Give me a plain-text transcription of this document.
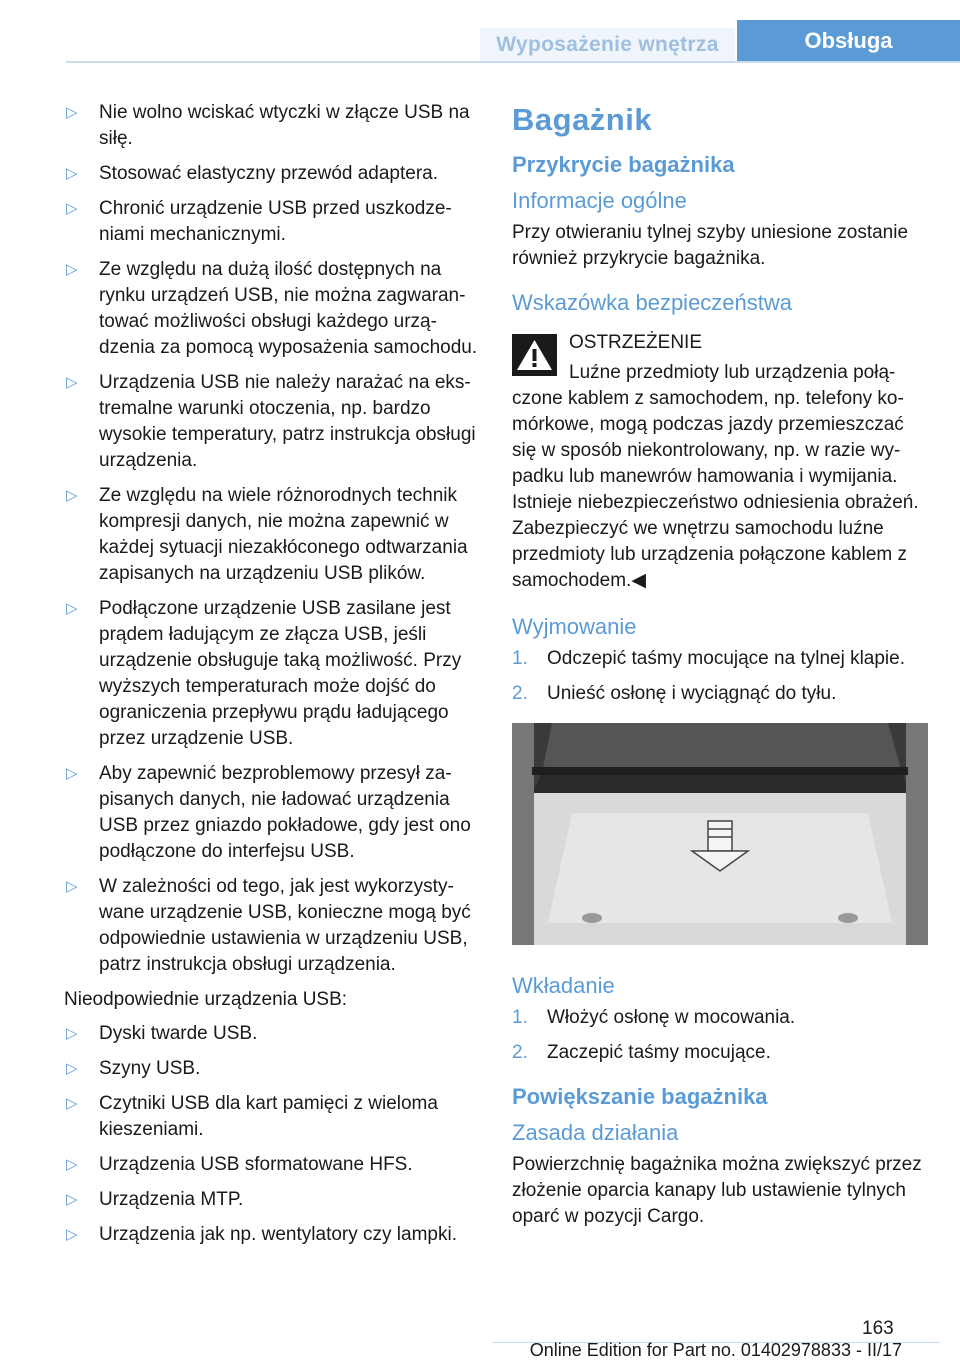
Wyposażenie wnętrza	Obsługa
▷ Nie wolno wciskać wtyczki w złącze USB na siłę.
▷ Stosować elastyczny przewód adaptera.
▷ Chronić urządzenie USB przed uszkodzeniami mechanicznymi.
▷ Ze względu na dużą ilość dostępnych na rynku urządzeń USB, nie można zagwarantować możliwości obsługi każdego urządzenia za pomocą wyposażenia samochodu.
▷ Urządzenia USB nie należy narażać na ekstremalne warunki otoczenia, np. bardzo wysokie temperatury, patrz instrukcja obsługi urządzenia.
▷ Ze względu na wiele różnorodnych technik kompresji danych, nie można zapewnić w każdej sytuacji niezakłóconego odtwarzania zapisanych na urządzeniu USB plików.
▷ Podłączone urządzenie USB zasilane jest prądem ładującym ze złącza USB, jeśli urządzenie obsługuje taką możliwość. Przy wyższych temperaturach może dojść do ograniczenia przepływu prądu ładującego przez urządzenie USB.
▷ Aby zapewnić bezproblemowy przesył zapisanych danych, nie ładować urządzenia USB przez gniazdo pokładowe, gdy jest ono podłączone do interfejsu USB.
▷ W zależności od tego, jak jest wykorzystywane urządzenie USB, konieczne mogą być odpowiednie ustawienia w urządzeniu USB, patrz instrukcja obsługi urządzenia.

Nieodpowiednie urządzenia USB:

▷ Dyski twarde USB.
▷ Szyny USB.
▷ Czytniki USB dla kart pamięci z wieloma kieszeniami.
▷ Urządzenia USB sformatowane HFS.
▷ Urządzenia MTP.
▷ Urządzenia jak np. wentylatory czy lampki.
Bagażnik
Przykrycie bagażnika
Informacje ogólne

Przy otwieraniu tylnej szyby uniesione zostanie również przykrycie bagażnika.

Wskazówka bezpieczeństwa
OSTRZEŻENIE

Luźne przedmioty lub urządzenia połączone kablem z samochodem, np. telefony komórkowe, mogą podczas jazdy przemieszczać się w sposób niekontrolowany, np. w razie wypadku lub manewrów hamowania i wymijania. Istnieje niebezpieczeństwo odniesienia obrażeń. Zabezpieczyć we wnętrzu samochodu luźne przedmioty lub urządzenia połączone kablem z samochodem.◀

Wyjmowanie
1. Odczepić taśmy mocujące na tylnej klapie.
2. Unieść osłonę i wyciągnąć do tyłu.
Wkładanie
1. Włożyć osłonę w mocowania.
2. Zaczepić taśmy mocujące.
Powiększanie bagażnika
Zasada działania

Powierzchnię bagażnika można zwiększyć przez złożenie oparcia kanapy lub ustawienie tylnych oparć w pozycji Cargo.

163
Online Edition for Part no. 01402978833 - II/17
